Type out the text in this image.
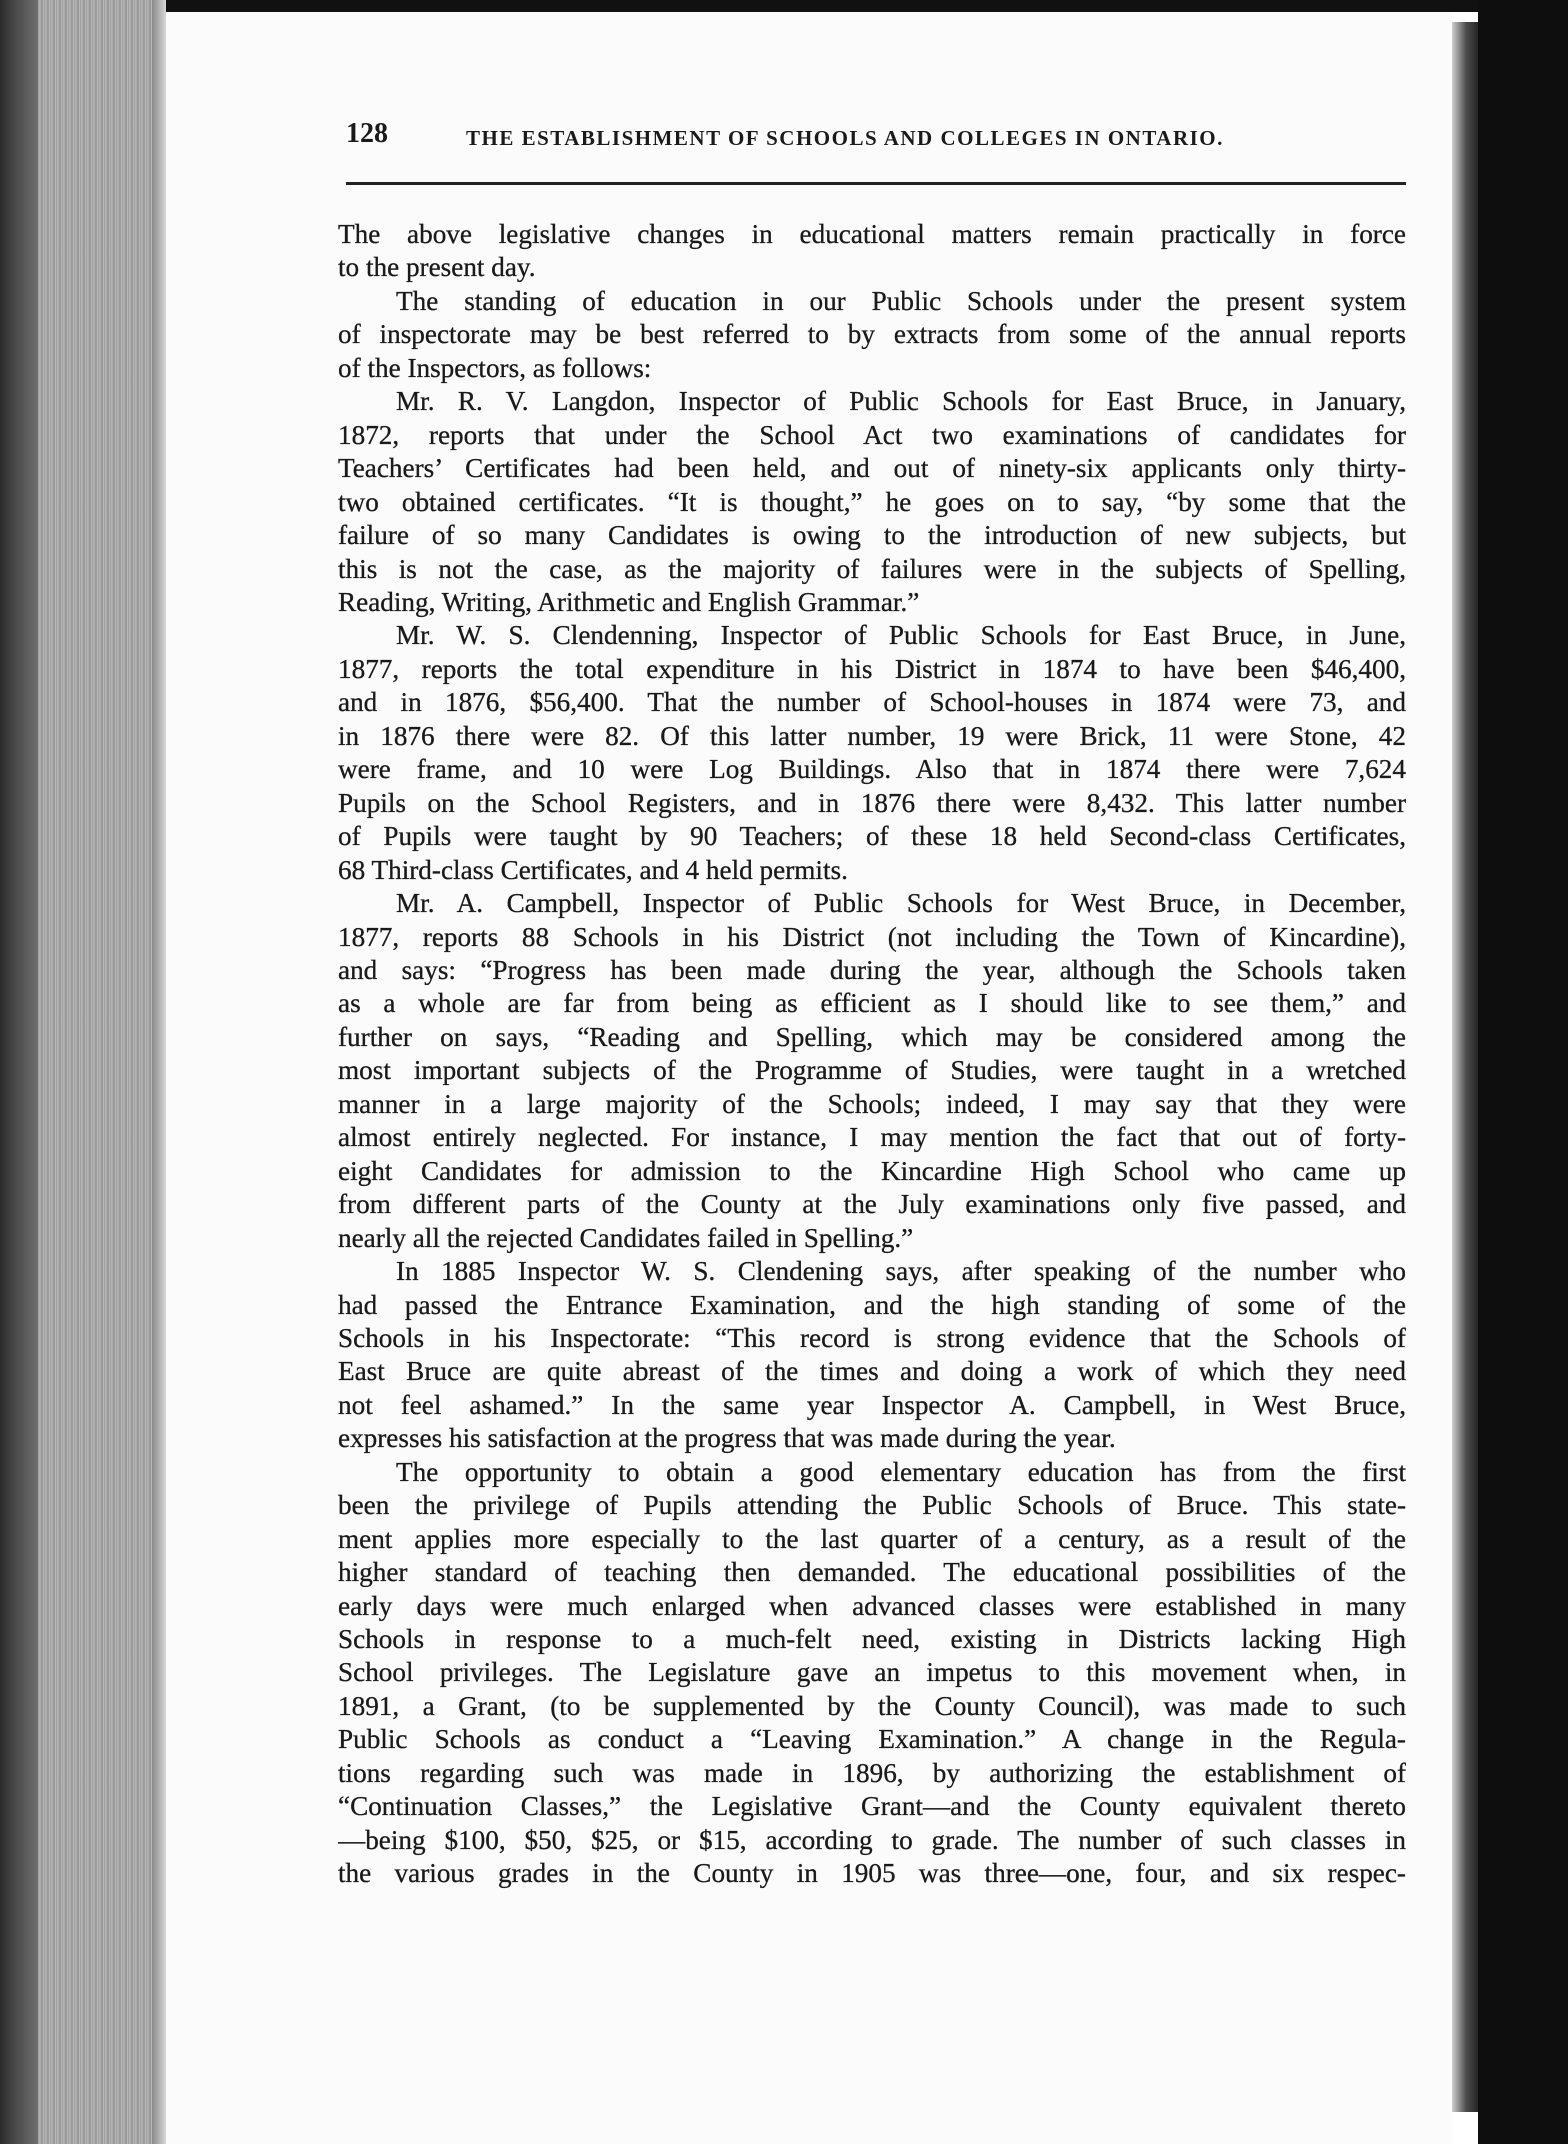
128	THE ESTABLISHMENT OF SCHOOLS AND COLLEGES IN ONTARIO.
The above legislative changes in educational matters remain practically in force
to the present day.
The standing of education in our Public Schools under the present system
of inspectorate may be best referred to by extracts from some of the annual reports
of the Inspectors, as follows:
Mr. R. V. Langdon, Inspector of Public Schools for East Bruce, in January,
1872, reports that under the School Act two examinations of candidates for
Teachers’ Certificates had been held, and out of ninety-six applicants only thirty-
two obtained certificates. “It is thought,” he goes on to say, “by some that the
failure of so many Candidates is owing to the introduction of new subjects, but
this is not the case, as the majority of failures were in the subjects of Spelling,
Reading, Writing, Arithmetic and English Grammar.”
Mr. W. S. Clendenning, Inspector of Public Schools for East Bruce, in June,
1877, reports the total expenditure in his District in 1874 to have been $46,400,
and in 1876, $56,400. That the number of School-houses in 1874 were 73, and
in 1876 there were 82. Of this latter number, 19 were Brick, 11 were Stone, 42
were frame, and 10 were Log Buildings. Also that in 1874 there were 7,624
Pupils on the School Registers, and in 1876 there were 8,432. This latter number
of Pupils were taught by 90 Teachers; of these 18 held Second-class Certificates,
68 Third-class Certificates, and 4 held permits.
Mr. A. Campbell, Inspector of Public Schools for West Bruce, in December,
1877, reports 88 Schools in his District (not including the Town of Kincardine),
and says: “Progress has been made during the year, although the Schools taken
as a whole are far from being as efficient as I should like to see them,” and
further on says, “Reading and Spelling, which may be considered among the
most important subjects of the Programme of Studies, were taught in a wretched
manner in a large majority of the Schools; indeed, I may say that they were
almost entirely neglected. For instance, I may mention the fact that out of forty-
eight Candidates for admission to the Kincardine High School who came up
from different parts of the County at the July examinations only five passed, and
nearly all the rejected Candidates failed in Spelling.”
In 1885 Inspector W. S. Clendening says, after speaking of the number who
had passed the Entrance Examination, and the high standing of some of the
Schools in his Inspectorate: “This record is strong evidence that the Schools of
East Bruce are quite abreast of the times and doing a work of which they need
not feel ashamed.” In the same year Inspector A. Campbell, in West Bruce,
expresses his satisfaction at the progress that was made during the year.
The opportunity to obtain a good elementary education has from the first
been the privilege of Pupils attending the Public Schools of Bruce. This state-
ment applies more especially to the last quarter of a century, as a result of the
higher standard of teaching then demanded. The educational possibilities of the
early days were much enlarged when advanced classes were established in many
Schools in response to a much-felt need, existing in Districts lacking High
School privileges. The Legislature gave an impetus to this movement when, in
1891, a Grant, (to be supplemented by the County Council), was made to such
Public Schools as conduct a “Leaving Examination.” A change in the Regula-
tions regarding such was made in 1896, by authorizing the establishment of
“Continuation Classes,” the Legislative Grant—and the County equivalent thereto
—being $100, $50, $25, or $15, according to grade. The number of such classes in
the various grades in the County in 1905 was three—one, four, and six respec-
